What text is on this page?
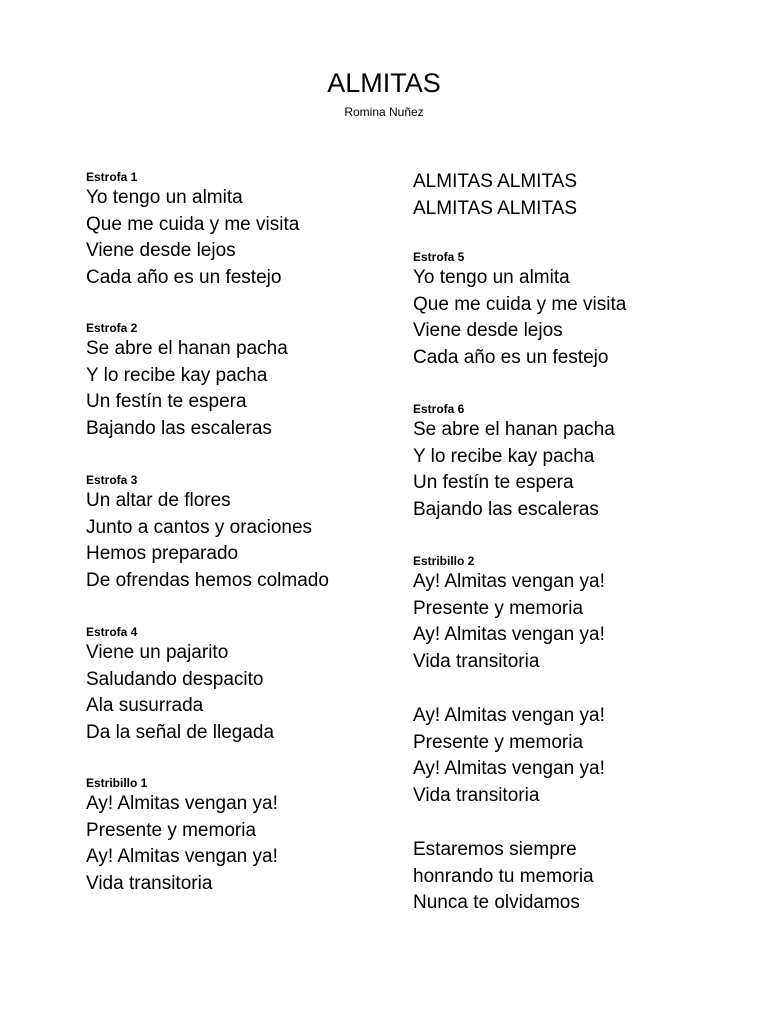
ALMITAS
Romina Nuñez
Estrofa 1
Yo tengo un almita
Que me cuida y me visita
Viene desde lejos
Cada año es un festejo
Estrofa 2
Se abre el hanan pacha
Y lo recibe kay pacha
Un festín te espera
Bajando las escaleras
Estrofa 3
Un altar de flores
Junto a cantos y oraciones
Hemos preparado
De ofrendas hemos colmado
Estrofa 4
Viene un pajarito
Saludando despacito
Ala susurrada
Da la señal de llegada
Estribillo 1
Ay! Almitas vengan ya!
Presente y memoria
Ay! Almitas vengan ya!
Vida transitoria
ALMITAS ALMITAS
ALMITAS ALMITAS
Estrofa 5
Yo tengo un almita
Que me cuida y me visita
Viene desde lejos
Cada año es un festejo
Estrofa 6
Se abre el hanan pacha
Y lo recibe kay pacha
Un festín te espera
Bajando las escaleras
Estribillo 2
Ay! Almitas vengan ya!
Presente y memoria
Ay! Almitas vengan ya!
Vida transitoria
Ay! Almitas vengan ya!
Presente y memoria
Ay! Almitas vengan ya!
Vida transitoria
Estaremos siempre
honrando tu memoria
Nunca te olvidamos
